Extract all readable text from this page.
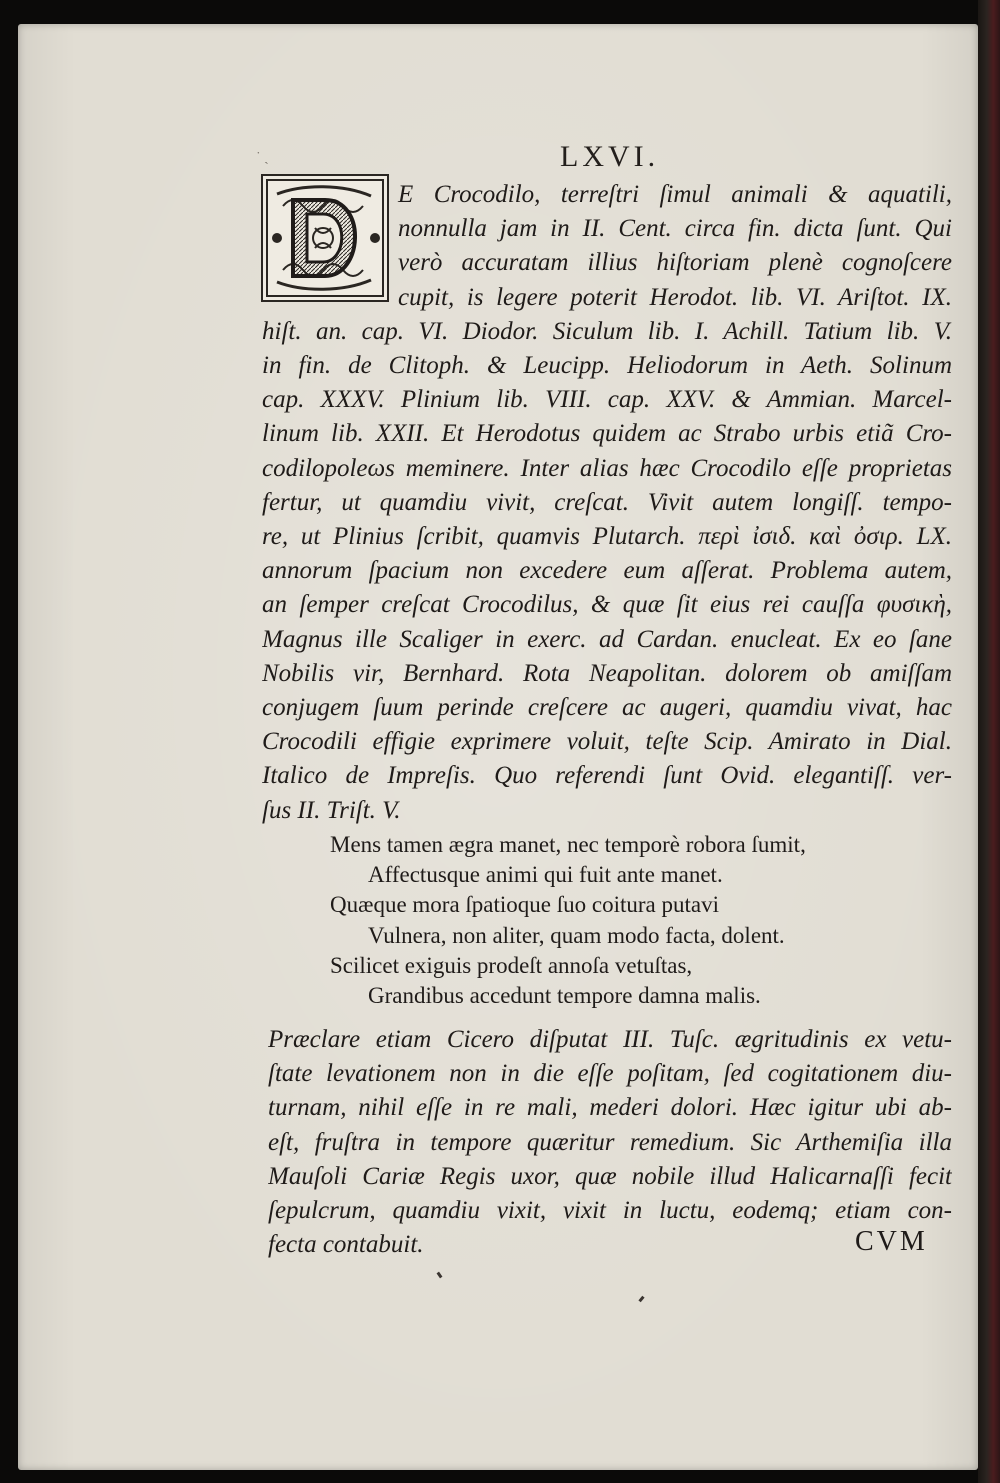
˙ ˎ	LXVI.
E Crocodilo, terreſtri ſimul animali & aquatili,
nonnulla jam in II. Cent. circa fin. dicta ſunt. Qui
verò accuratam illius hiſtoriam plenè cognoſcere
cupit, is legere poterit Herodot. lib. VI. Ariſtot. IX.
hiſt. an. cap. VI. Diodor. Siculum lib. I. Achill. Tatium lib. V.
in fin. de Clitoph. & Leucipp. Heliodorum in Aeth. Solinum
cap. XXXV. Plinium lib. VIII. cap. XXV. & Ammian. Marcel-
linum lib. XXII. Et Herodotus quidem ac Strabo urbis etiã Cro-
codilopoleωs meminere. Inter alias hæc Crocodilo eſſe proprietas
fertur, ut quamdiu vivit, creſcat. Vivit autem longiſſ. tempo-
re, ut Plinius ſcribit, quamvis Plutarch. περὶ ἰσιδ. καὶ ὀσιρ. LX.
annorum ſpacium non excedere eum aſſerat. Problema autem,
an ſemper creſcat Crocodilus, & quæ ſit eius rei cauſſa φυσικὴ,
Magnus ille Scaliger in exerc. ad Cardan. enucleat. Ex eo ſane
Nobilis vir, Bernhard. Rota Neapolitan. dolorem ob amiſſam
conjugem ſuum perinde creſcere ac augeri, quamdiu vivat, hac
Crocodili effigie exprimere voluit, teſte Scip. Amirato in Dial.
Italico de Impreſis. Quo referendi ſunt Ovid. elegantiſſ. ver-
ſus II. Triſt. V.
Mens tamen ægra manet, nec temporè robora ſumit,
Affectusque animi qui fuit ante manet.
Quæque mora ſpatioque ſuo coitura putavi
Vulnera, non aliter, quam modo facta, dolent.
Scilicet exiguis prodeſt annoſa vetuſtas,
Grandibus accedunt tempore damna malis.
Præclare etiam Cicero diſputat III. Tuſc. ægritudinis ex vetu-
ſtate levationem non in die eſſe poſitam, ſed cogitationem diu-
turnam, nihil eſſe in re mali, mederi dolori. Hæc igitur ubi ab-
eſt, fruſtra in tempore quæritur remedium. Sic Arthemiſia illa
Mauſoli Cariæ Regis uxor, quæ nobile illud Halicarnaſſi fecit
ſepulcrum, quamdiu vixit, vixit in luctu, eodemq; etiam con-
fecta contabuit.	CVM
